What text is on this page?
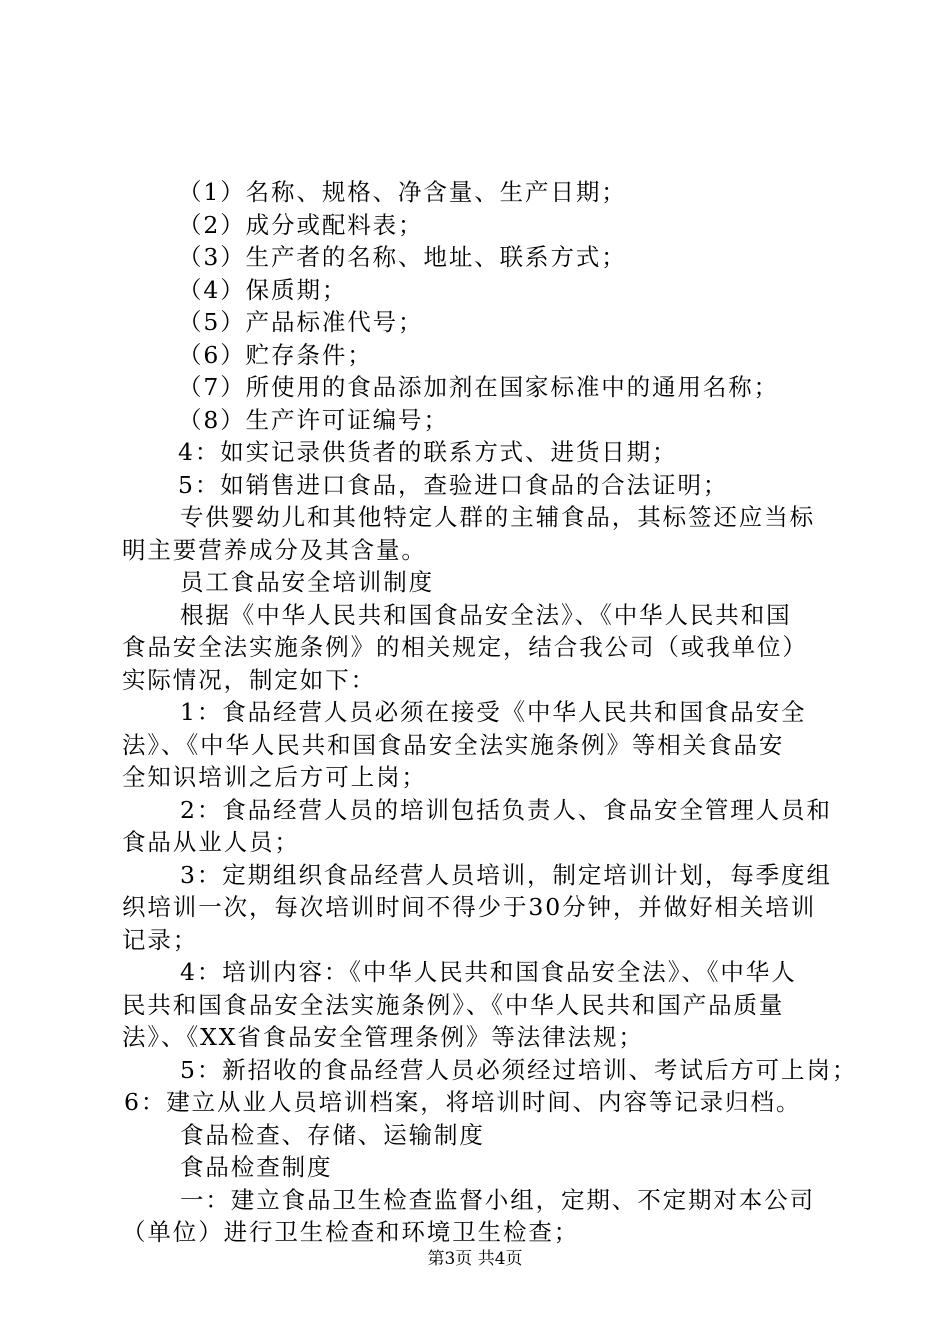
（1）名称、规格、净含量、生产日期；
（2）成分或配料表；
（3）生产者的名称、地址、联系方式；
（4）保质期；
（5）产品标准代号；
（6）贮存条件；
（7）所使用的食品添加剂在国家标准中的通用名称；
（8）生产许可证编号；
4：如实记录供货者的联系方式、进货日期；
5：如销售进口食品，查验进口食品的合法证明；
专供婴幼儿和其他特定人群的主辅食品，其标签还应当标
明主要营养成分及其含量。
员工食品安全培训制度
根据《中华人民共和国食品安全法》、《中华人民共和国
食品安全法实施条例》的相关规定，结合我公司（或我单位）
实际情况，制定如下：
1：食品经营人员必须在接受《中华人民共和国食品安全
法》、《中华人民共和国食品安全法实施条例》等相关食品安
全知识培训之后方可上岗；
2：食品经营人员的培训包括负责人、食品安全管理人员和
食品从业人员；
3：定期组织食品经营人员培训，制定培训计划，每季度组
织培训一次，每次培训时间不得少于30分钟，并做好相关培训
记录；
4：培训内容：《中华人民共和国食品安全法》、《中华人
民共和国食品安全法实施条例》、《中华人民共和国产品质量
法》、《XX省食品安全管理条例》等法律法规；
5：新招收的食品经营人员必须经过培训、考试后方可上岗；
6：建立从业人员培训档案，将培训时间、内容等记录归档。
食品检查、存储、运输制度
食品检查制度
一：建立食品卫生检查监督小组，定期、不定期对本公司
（单位）进行卫生检查和环境卫生检查；
第3页 共4页
